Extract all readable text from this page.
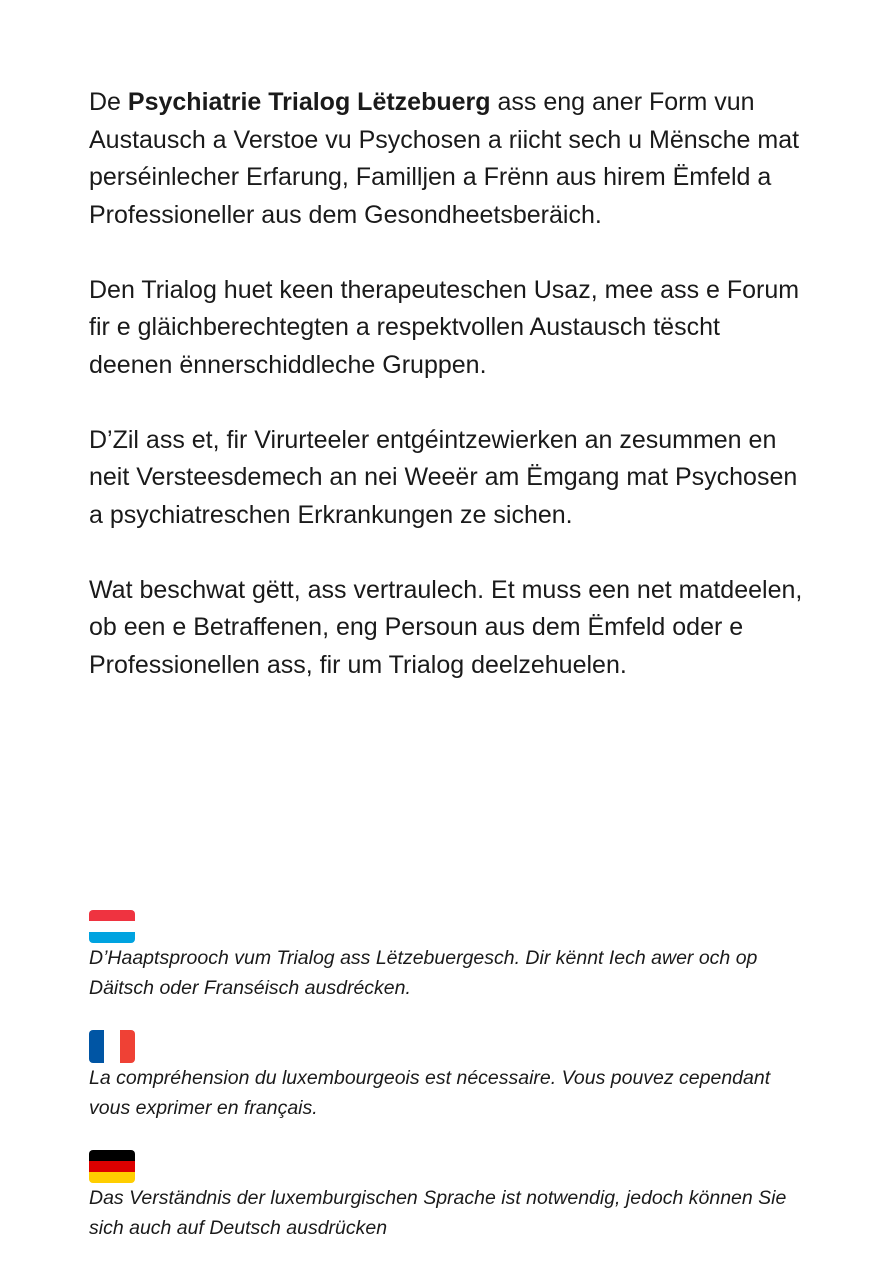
De Psychiatrie Trialog Lëtzebuerg ass eng aner Form vun Austausch a Verstoe vu Psychosen a riicht sech u Mënsche mat perséinlecher Erfarung, Familljen a Frënn aus hirem Ëmfeld a Professioneller aus dem Gesondheetsberäich.

Den Trialog huet keen therapeuteschen Usaz, mee ass e Forum fir e gläichberechtegten a respektvollen Austausch tëscht deenen ënnerschiddleche Gruppen.

D’Zil ass et, fir Virurteeler entgéintzewierken an zesummen en neit Versteesdemech an nei Weeër am Ëmgang mat Psychosen a psychiatreschen Erkrankungen ze sichen.

Wat beschwat gëtt, ass vertraulech. Et muss een net matdeelen, ob een e Betraffenen, eng Persoun aus dem Ëmfeld oder e Professionellen ass, fir um Trialog deelzehuelen.

D’Haaptsprooch vum Trialog ass Lëtzebuergesch. Dir kënnt Iech awer och op Däitsch oder Franséisch ausdrécken.

La compréhension du luxembourgeois est nécessaire. Vous pouvez cependant vous exprimer en français.

Das Verständnis der luxemburgischen Sprache ist notwendig, jedoch können Sie sich auch auf Deutsch ausdrücken
